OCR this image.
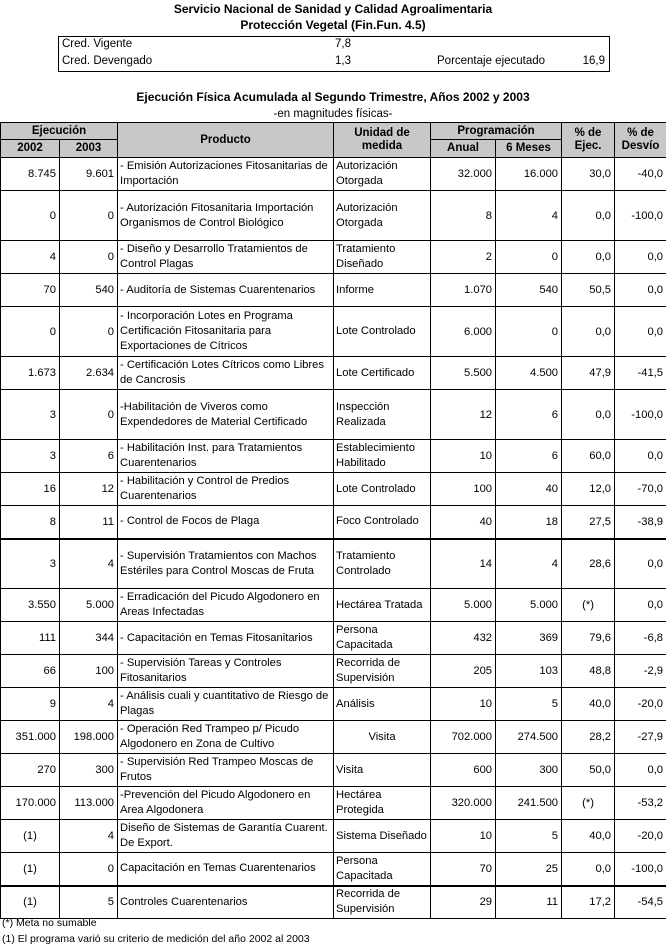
Servicio Nacional de Sanidad y Calidad Agroalimentaria
Protección Vegetal (Fin.Fun. 4.5)
Cred. Vigente	7,8
Cred. Devengado	1,3	Porcentaje ejecutado	16,9
Ejecución Física Acumulada al Segundo Trimestre, Años 2002 y 2003
-en magnitudes físicas-
Ejecución		Producto	Unidad de medida	Programación		% de Ejec.	% de Desvío
2002	2003			Anual	6 Meses		
8.745	9.601	- Emisión Autorizaciones Fitosanitarias de Importación	Autorización Otorgada	32.000	16.000	30,0	-40,0
0	0	- Autorización Fitosanitaria Importación Organismos de Control Biológico	Autorización Otorgada	8	4	0,0	-100,0
4	0	- Diseño y Desarrollo Tratamientos de Control Plagas	Tratamiento Diseñado	2	0	0,0	0,0
70	540	- Auditoría de Sistemas Cuarentenarios	Informe	1.070	540	50,5	0,0
0	0	- Incorporación Lotes en Programa Certificación Fitosanitaria para Exportaciones de Cítricos	Lote Controlado	6.000	0	0,0	0,0
1.673	2.634	- Certificación Lotes Cítricos como Libres de Cancrosis	Lote Certificado	5.500	4.500	47,9	-41,5
3	0	-Habilitación de Viveros como Expendedores de Material Certificado	Inspección Realizada	12	6	0,0	-100,0
3	6	- Habilitación Inst. para Tratamientos Cuarentenarios	Establecimiento Habilitado	10	6	60,0	0,0
16	12	- Habilitación y Control de Predios Cuarentenarios	Lote Controlado	100	40	12,0	-70,0
8	11	- Control de Focos de Plaga	Foco Controlado	40	18	27,5	-38,9
3	4	- Supervisión Tratamientos con Machos Estériles para Control Moscas de Fruta	Tratamiento Controlado	14	4	28,6	0,0
3.550	5.000	- Erradicación del Picudo Algodonero en Areas Infectadas	Hectárea Tratada	5.000	5.000	(*)	0,0
111	344	- Capacitación en Temas Fitosanitarios	Persona Capacitada	432	369	79,6	-6,8
66	100	- Supervisión Tareas y Controles Fitosanitarios	Recorrida de Supervisión	205	103	48,8	-2,9
9	4	- Análisis cuali y cuantitativo de Riesgo de Plagas	Análisis	10	5	40,0	-20,0
351.000	198.000	- Operación Red Trampeo p/ Picudo Algodonero en Zona de Cultivo	Visita	702.000	274.500	28,2	-27,9
270	300	- Supervisión Red Trampeo Moscas de Frutos	Visita	600	300	50,0	0,0
170.000	113.000	-Prevención del Picudo Algodonero en Area Algodonera	Hectárea Protegida	320.000	241.500	(*)	-53,2
(1)	4	Diseño de Sistemas de Garantía Cuarent. De Export.	Sistema Diseñado	10	5	40,0	-20,0
(1)	0	Capacitación en Temas Cuarentenarios	Persona Capacitada	70	25	0,0	-100,0
(1)	5	Controles Cuarentenarios	Recorrida de Supervisión	29	11	17,2	-54,5
(*) Meta no sumable
(1) El programa varió su criterio de medición del año 2002 al 2003
